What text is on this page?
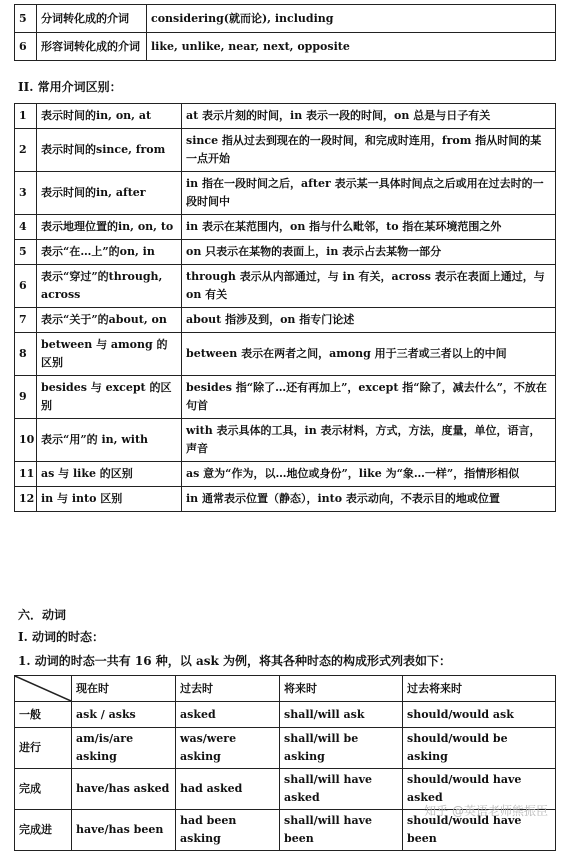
5	分词转化成的介词	considering(就而论), including
6	形容词转化成的介词	like, unlike, near, next, opposite
II. 常用介词区别：
1	表示时间的in, on, at	at 表示片刻的时间，in 表示一段的时间，on 总是与日子有关
2	表示时间的since, from	since 指从过去到现在的一段时间，和完成时连用，from 指从时间的某一点开始
3	表示时间的in, after	in 指在一段时间之后，after 表示某一具体时间点之后或用在过去时的一段时间中
4	表示地理位置的in, on, to	in 表示在某范围内，on 指与什么毗邻，to 指在某环境范围之外
5	表示“在…上”的on, in	on 只表示在某物的表面上，in 表示占去某物一部分
6	表示“穿过”的through, across	through 表示从内部通过，与 in 有关，across 表示在表面上通过，与 on 有关
7	表示“关于”的about, on	about 指涉及到，on 指专门论述
8	between 与 among 的区别	between 表示在两者之间，among 用于三者或三者以上的中间
9	besides 与 except 的区别	besides 指“除了…还有再加上”，except 指“除了，减去什么”，不放在句首
10	表示“用”的 in, with	with 表示具体的工具，in 表示材料，方式，方法，度量，单位，语言，声音
11	as 与 like 的区别	as 意为“作为，以…地位或身份”，like 为“象…一样”，指情形相似
12	in 与 into 区别	in 通常表示位置（静态），into 表示动向，不表示目的地或位置
六．动词
I. 动词的时态：
1. 动词的时态一共有 16 种，以 ask 为例，将其各种时态的构成形式列表如下：
	现在时	过去时	将来时	过去将来时
一般	ask / asks	asked	shall/will ask	should/would ask
进行	am/is/are asking	was/were asking	shall/will be asking	should/would be asking
完成	have/has asked	had asked	shall/will have asked	should/would have asked
完成进	have/has been	had been asking	shall/will have been	should/would have been
知乎 @英语老师熊振臣
